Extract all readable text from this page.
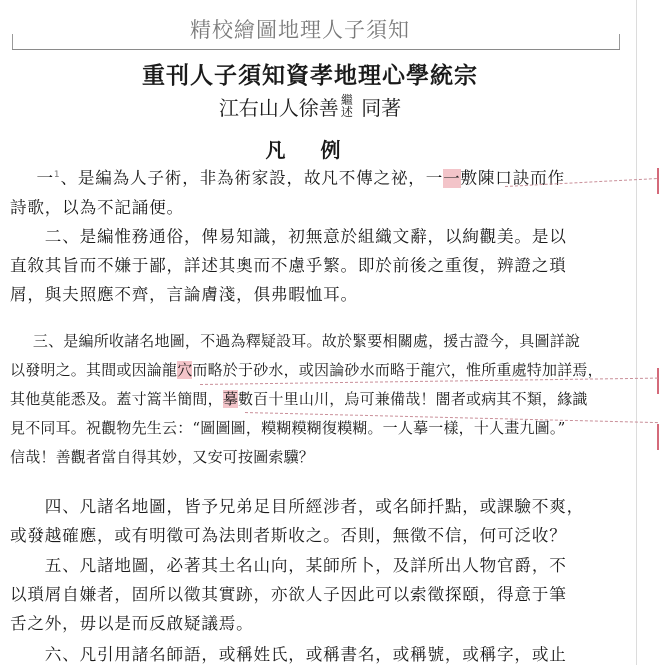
精校繪圖地理人子須知
重刊人子須知資孝地理心學統宗
江右山人徐善 繼
述 同著
凡 例
  一$^1$、是編為人子術，非為術家設，故凡不傳之祕，一一敷陳口訣而作
詩歌，以為不記誦便。
  二、是編惟務通俗，俾易知識，初無意於組織文辭，以絢觀美。是以
直敘其旨而不嫌于鄙，詳述其奧而不慮乎繁。即於前後之重復，辨證之瑣
屑，與夫照應不齊，言論膚淺，俱弗暇恤耳。
  三、是編所收諸名地圖，不過為釋疑設耳。故於緊要相關處，援古證今，具圖詳說
以發明之。其間或因論龍穴而略於于砂水，或因論砂水而略于龍穴，惟所重處特加詳焉，
其他莫能悉及。蓋寸篙半簡間，摹數百十里山川，烏可兼備哉！闇者或病其不類，緣識
見不同耳。祝觀物先生云：“圖圖圖，糢糊糢糊復糢糊。一人摹一樣，十人畫九圖。”
信哉！善觀者當自得其妙，又安可按圖索驥？
  四、凡諸名地圖，皆予兄弟足目所經涉者，或名師扦點，或課驗不爽，
或發越確應，或有明徵可為法則者斯收之。否則，無徵不信，何可泛收？
  五、凡諸地圖，必著其土名山向，某師所卜，及詳所出人物官爵，不
以瑣屑自嫌者，固所以徵其實跡，亦欲人子因此可以索徵探頤，得意于筆
舌之外，毋以是而反啟疑議焉。
  六、凡引用諸名師語，或稱姓氏，或稱書名，或稱號，或稱字，或止
